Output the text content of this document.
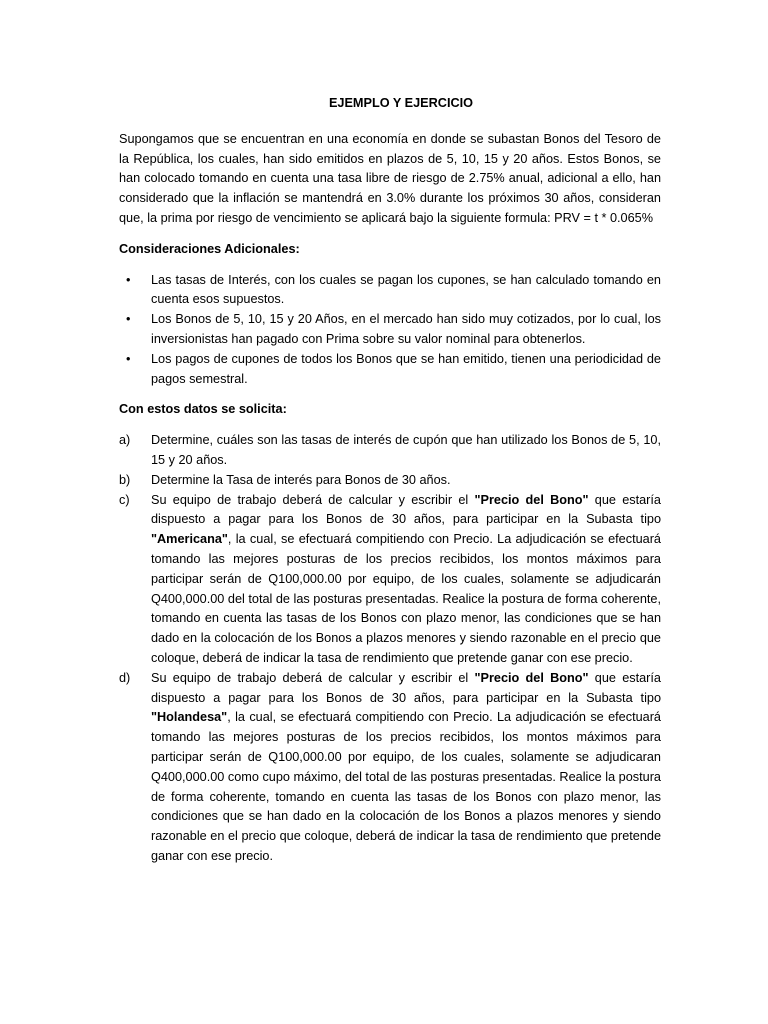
EJEMPLO Y EJERCICIO

Supongamos que se encuentran en una economía en donde se subastan Bonos del Tesoro de la República, los cuales, han sido emitidos en plazos de 5, 10, 15 y 20 años. Estos Bonos, se han colocado tomando en cuenta una tasa libre de riesgo de 2.75% anual, adicional a ello, han considerado que la inflación se mantendrá en 3.0% durante los próximos 30 años, consideran que, la prima por riesgo de vencimiento se aplicará bajo la siguiente formula: PRV = t * 0.065%

Consideraciones Adicionales:

•	Las tasas de Interés, con los cuales se pagan los cupones, se han calculado tomando en cuenta esos supuestos.
•	Los Bonos de 5, 10, 15 y 20 Años, en el mercado han sido muy cotizados, por lo cual, los inversionistas han pagado con Prima sobre su valor nominal para obtenerlos.
•	Los pagos de cupones de todos los Bonos que se han emitido, tienen una periodicidad de pagos semestral.

Con estos datos se solicita:

a)	Determine, cuáles son las tasas de interés de cupón que han utilizado los Bonos de 5, 10, 15 y 20 años.
b)	Determine la Tasa de interés para Bonos de 30 años.
c)	Su equipo de trabajo deberá de calcular y escribir el "Precio del Bono" que estaría dispuesto a pagar para los Bonos de 30 años, para participar en la Subasta tipo "Americana", la cual, se efectuará compitiendo con Precio. La adjudicación se efectuará tomando las mejores posturas de los precios recibidos, los montos máximos para participar serán de Q100,000.00 por equipo, de los cuales, solamente se adjudicarán Q400,000.00 del total de las posturas presentadas. Realice la postura de forma coherente, tomando en cuenta las tasas de los Bonos con plazo menor, las condiciones que se han dado en la colocación de los Bonos a plazos menores y siendo razonable en el precio que coloque, deberá de indicar la tasa de rendimiento que pretende ganar con ese precio.
d)	Su equipo de trabajo deberá de calcular y escribir el "Precio del Bono" que estaría dispuesto a pagar para los Bonos de 30 años, para participar en la Subasta tipo "Holandesa", la cual, se efectuará compitiendo con Precio. La adjudicación se efectuará tomando las mejores posturas de los precios recibidos, los montos máximos para participar serán de Q100,000.00 por equipo, de los cuales, solamente se adjudicaran Q400,000.00 como cupo máximo, del total de las posturas presentadas. Realice la postura de forma coherente, tomando en cuenta las tasas de los Bonos con plazo menor, las condiciones que se han dado en la colocación de los Bonos a plazos menores y siendo razonable en el precio que coloque, deberá de indicar la tasa de rendimiento que pretende ganar con ese precio.
